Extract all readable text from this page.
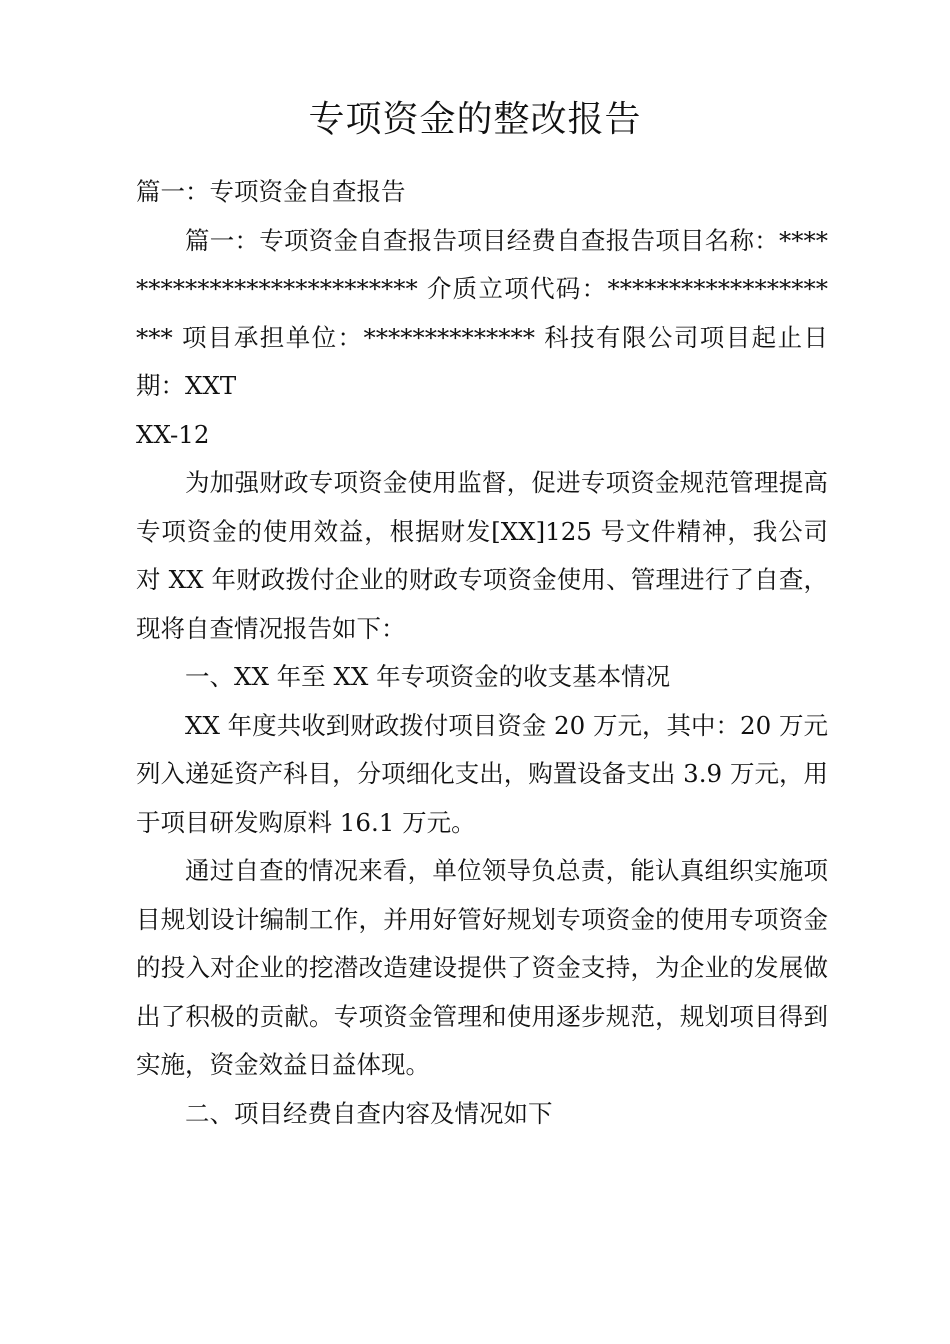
专项资金的整改报告

篇一：专项资金自查报告

篇一：专项资金自查报告项目经费自查报告项目名称：*************************** 介质立项代码：********************* 项目承担单位：************** 科技有限公司项目起止日期：XXT

XX-12

为加强财政专项资金使用监督，促进专项资金规范管理提高专项资金的使用效益，根据财发[XX]125 号文件精神，我公司对 XX 年财政拨付企业的财政专项资金使用、管理进行了自查，现将自查情况报告如下：

一、XX 年至 XX 年专项资金的收支基本情况

XX 年度共收到财政拨付项目资金 20 万元，其中：20 万元列入递延资产科目，分项细化支出，购置设备支出 3.9 万元，用于项目研发购原料 16.1 万元。

通过自查的情况来看，单位领导负总责，能认真组织实施项目规划设计编制工作，并用好管好规划专项资金的使用专项资金的投入对企业的挖潜改造建设提供了资金支持，为企业的发展做出了积极的贡献。专项资金管理和使用逐步规范，规划项目得到实施，资金效益日益体现。

二、项目经费自查内容及情况如下
